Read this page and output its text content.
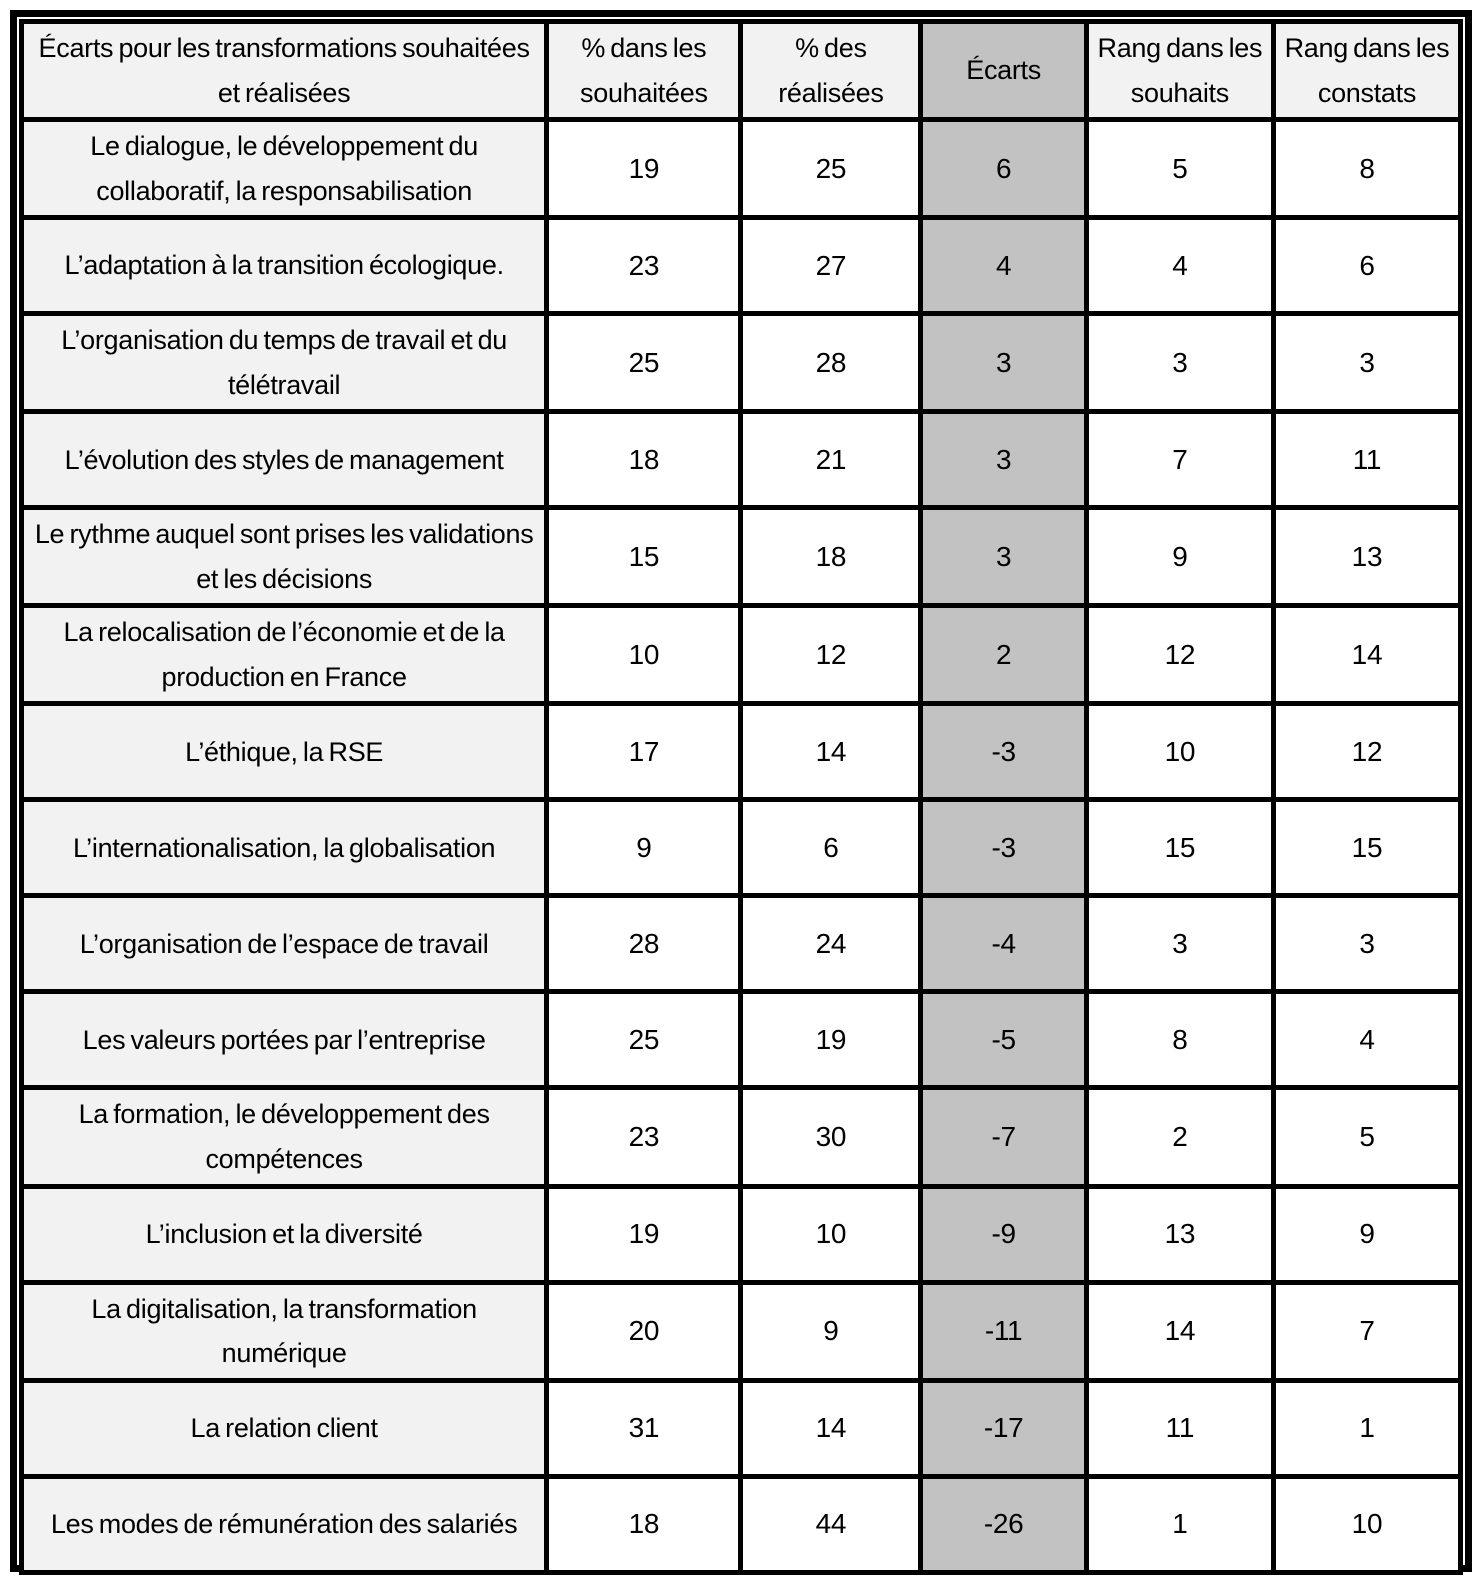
Écarts pour les transformations souhaitées et réalisées	% dans les souhaitées	% des réalisées	Écarts	Rang dans les souhaits	Rang dans les constats
Le dialogue, le développement du collaboratif, la responsabilisation	19	25	6	5	8
L’adaptation à la transition écologique.	23	27	4	4	6
L’organisation du temps de travail et du télétravail	25	28	3	3	3
L’évolution des styles de management	18	21	3	7	11
Le rythme auquel sont prises les validations et les décisions	15	18	3	9	13
La relocalisation de l’économie et de la production en France	10	12	2	12	14
L’éthique, la RSE	17	14	-3	10	12
L’internationalisation, la globalisation	9	6	-3	15	15
L’organisation de l’espace de travail	28	24	-4	3	3
Les valeurs portées par l’entreprise	25	19	-5	8	4
La formation, le développement des compétences	23	30	-7	2	5
L’inclusion et la diversité	19	10	-9	13	9
La digitalisation, la transformation numérique	20	9	-11	14	7
La relation client	31	14	-17	11	1
Les modes de rémunération des salariés	18	44	-26	1	10
